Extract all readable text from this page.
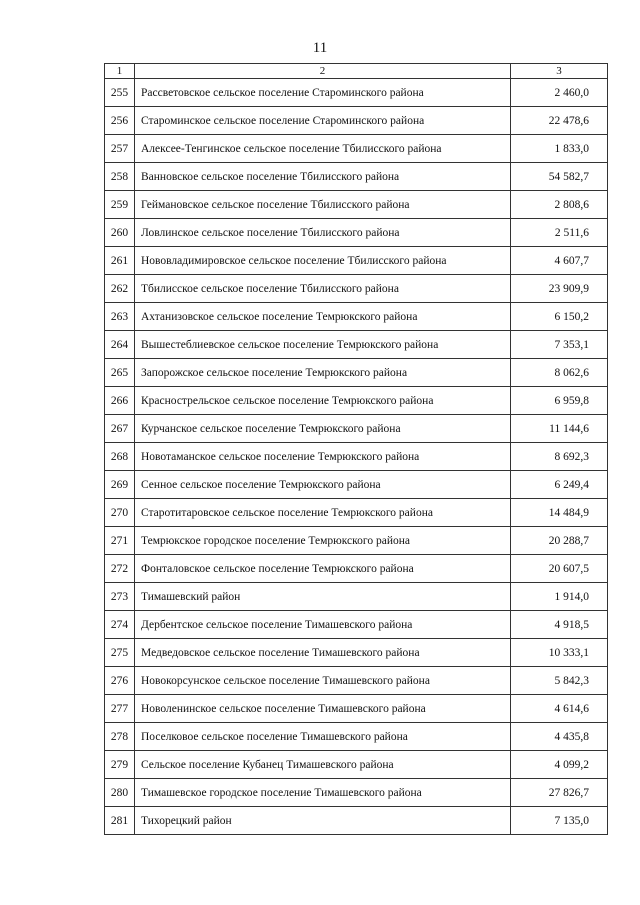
11
1	2	3
255	Рассветовское сельское поселение Староминского района	2 460,0
256	Староминское сельское поселение Староминского района	22 478,6
257	Алексее-Тенгинское сельское поселение Тбилисского района	1 833,0
258	Ванновское сельское поселение Тбилисского района	54 582,7
259	Геймановское сельское поселение Тбилисского района	2 808,6
260	Ловлинское сельское поселение Тбилисского района	2 511,6
261	Нововладимировское сельское поселение Тбилисского района	4 607,7
262	Тбилисское сельское поселение Тбилисского района	23 909,9
263	Ахтанизовское сельское поселение Темрюкского района	6 150,2
264	Вышестеблиевское сельское поселение Темрюкского района	7 353,1
265	Запорожское сельское поселение Темрюкского района	8 062,6
266	Краснострельское сельское поселение Темрюкского района	6 959,8
267	Курчанское сельское поселение Темрюкского района	11 144,6
268	Новотаманское сельское поселение Темрюкского района	8 692,3
269	Сенное сельское поселение Темрюкского района	6 249,4
270	Старотитаровское сельское поселение Темрюкского района	14 484,9
271	Темрюкское городское поселение Темрюкского района	20 288,7
272	Фонталовское сельское поселение Темрюкского района	20 607,5
273	Тимашевский район	1 914,0
274	Дербентское сельское поселение Тимашевского района	4 918,5
275	Медведовское сельское поселение Тимашевского района	10 333,1
276	Новокорсунское сельское поселение Тимашевского района	5 842,3
277	Новоленинское сельское поселение Тимашевского района	4 614,6
278	Поселковое сельское поселение Тимашевского района	4 435,8
279	Сельское поселение Кубанец Тимашевского района	4 099,2
280	Тимашевское городское поселение Тимашевского района	27 826,7
281	Тихорецкий район	7 135,0
